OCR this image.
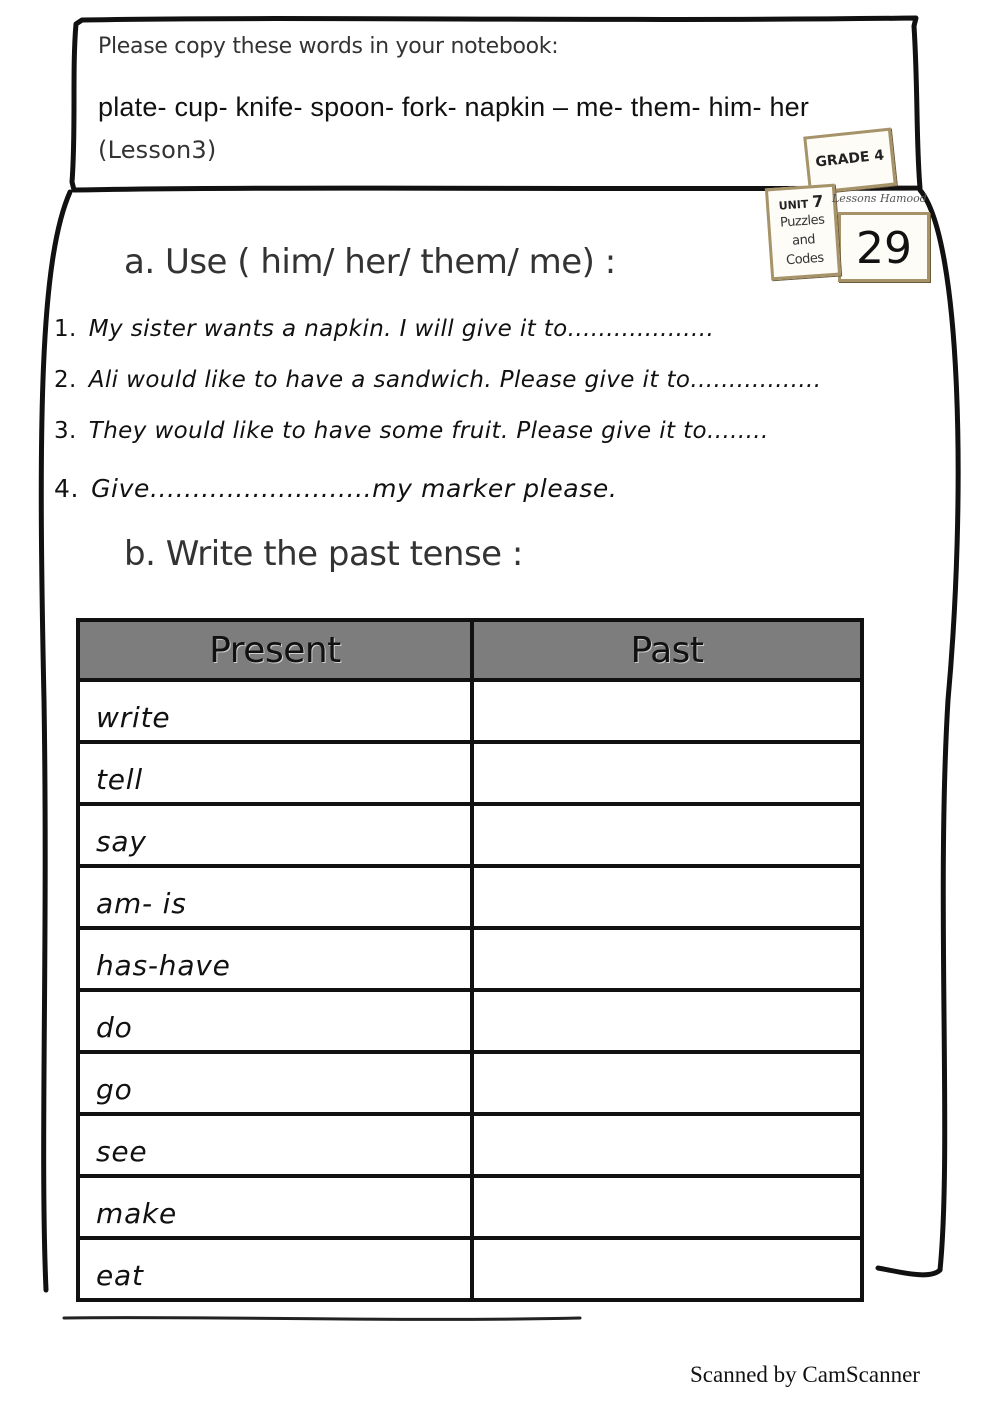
Please copy these words in your notebook:
plate- cup- knife- spoon- fork- napkin – me- them- him- her (Lesson3)	GRADE 4
UNIT 7
Puzzles
and
Codes 29
Lessons Hamood
a. Use ( him/ her/ them/ me) :
1. My sister wants a napkin. I will give it to...................
2. Ali would like to have a sandwich. Please give it to.................
3. They would like to have some fruit. Please give it to........
4. Give..........................my marker please.
b. Write the past tense :
Present	Past
write	
tell	
say	
am- is	
has-have	
do	
go	
see	
make	
eat	
Scanned by CamScanner
